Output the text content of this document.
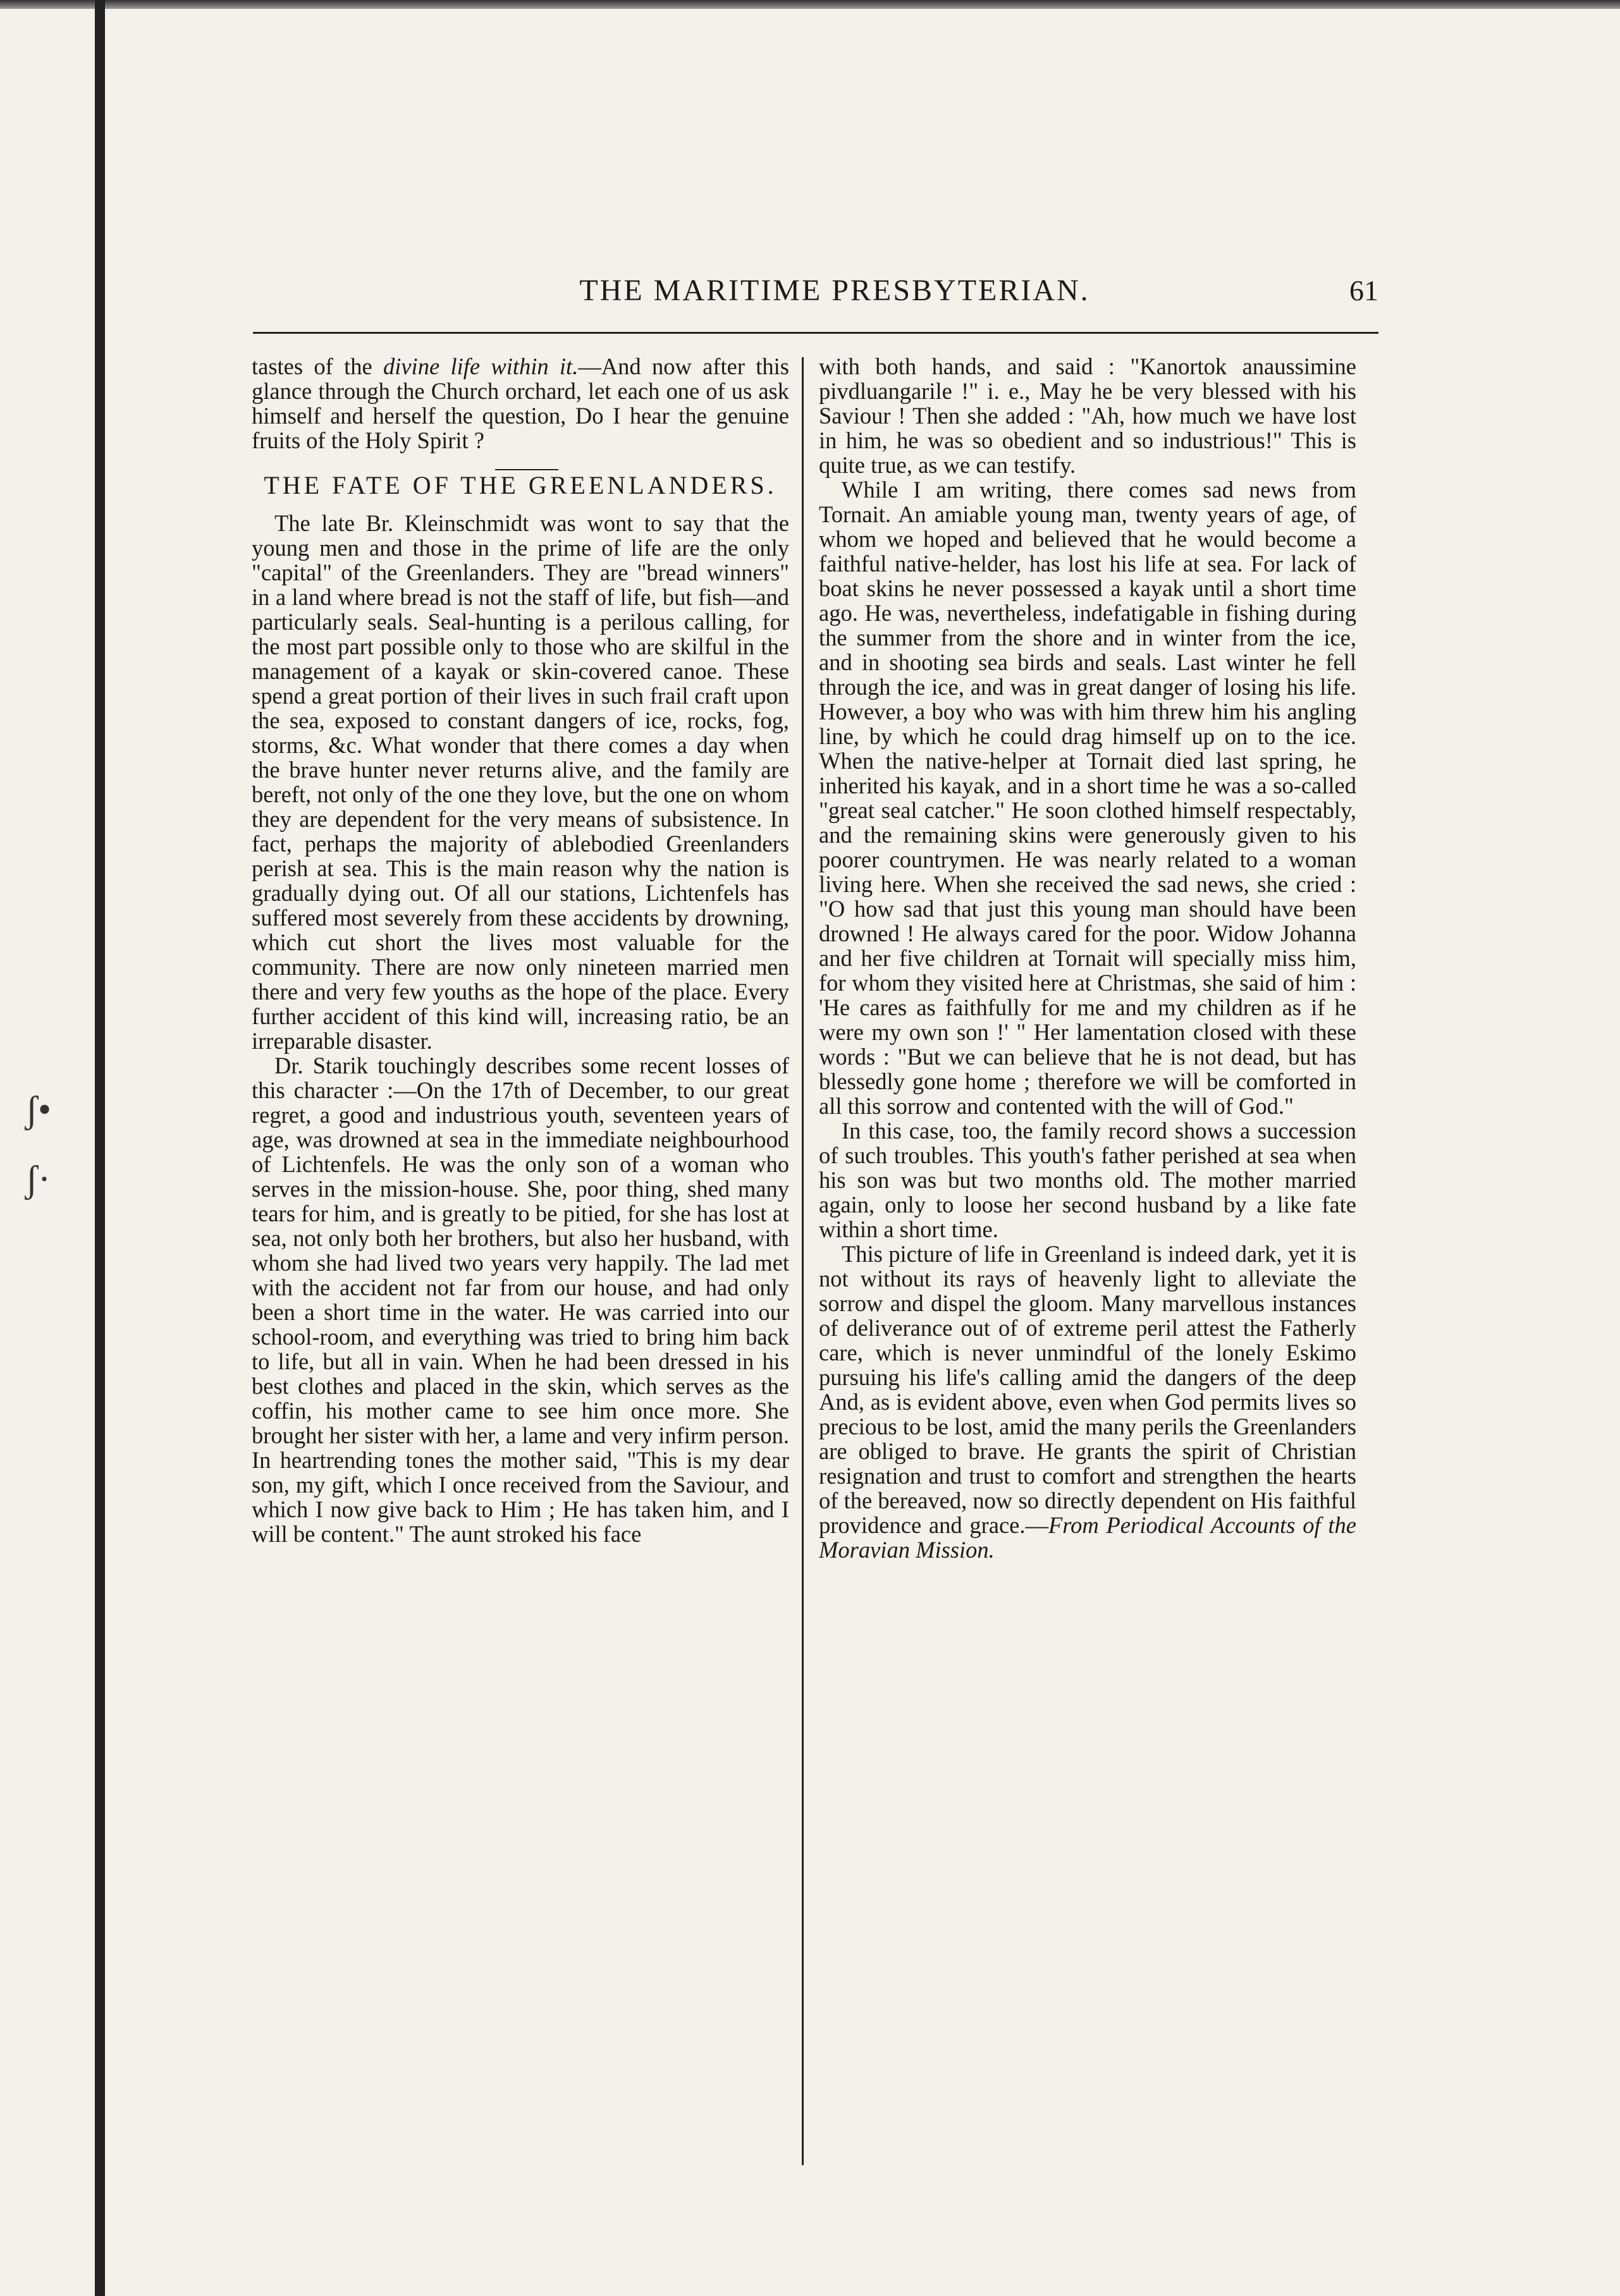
ʃ•
ʃ·
THE MARITIME PRESBYTERIAN.	61

tastes of the divine life within it.—And now after this glance through the Church orchard, let each one of us ask himself and herself the question, Do I hear the genuine fruits of the Holy Spirit ?

THE FATE OF THE GREENLANDERS.

The late Br. Kleinschmidt was wont to say that the young men and those in the prime of life are the only "capital" of the Greenlanders. They are "bread winners" in a land where bread is not the staff of life, but fish—and particularly seals. Seal-hunting is a perilous calling, for the most part possible only to those who are skilful in the management of a kayak or skin-covered canoe. These spend a great portion of their lives in such frail craft upon the sea, exposed to constant dangers of ice, rocks, fog, storms, &c. What wonder that there comes a day when the brave hunter never returns alive, and the family are bereft, not only of the one they love, but the one on whom they are dependent for the very means of subsistence. In fact, perhaps the majority of ablebodied Greenlanders perish at sea. This is the main reason why the nation is gradually dying out. Of all our stations, Lichtenfels has suffered most severely from these accidents by drowning, which cut short the lives most valuable for the community. There are now only nineteen married men there and very few youths as the hope of the place. Every further accident of this kind will, increasing ratio, be an irreparable disaster.

Dr. Starik touchingly describes some recent losses of this character :—On the 17th of December, to our great regret, a good and industrious youth, seventeen years of age, was drowned at sea in the immediate neighbourhood of Lichtenfels. He was the only son of a woman who serves in the mission-house. She, poor thing, shed many tears for him, and is greatly to be pitied, for she has lost at sea, not only both her brothers, but also her husband, with whom she had lived two years very happily. The lad met with the accident not far from our house, and had only been a short time in the water. He was carried into our school-room, and everything was tried to bring him back to life, but all in vain. When he had been dressed in his best clothes and placed in the skin, which serves as the coffin, his mother came to see him once more. She brought her sister with her, a lame and very infirm person. In heartrending tones the mother said, "This is my dear son, my gift, which I once received from the Saviour, and which I now give back to Him ; He has taken him, and I will be content." The aunt stroked his face

with both hands, and said : "Kanortok anaussimine pivdluangarile !" i. e., May he be very blessed with his Saviour ! Then she added : "Ah, how much we have lost in him, he was so obedient and so industrious!" This is quite true, as we can testify.

While I am writing, there comes sad news from Tornait. An amiable young man, twenty years of age, of whom we hoped and believed that he would become a faithful native-helder, has lost his life at sea. For lack of boat skins he never possessed a kayak until a short time ago. He was, nevertheless, indefatigable in fishing during the summer from the shore and in winter from the ice, and in shooting sea birds and seals. Last winter he fell through the ice, and was in great danger of losing his life. However, a boy who was with him threw him his angling line, by which he could drag himself up on to the ice. When the native-helper at Tornait died last spring, he inherited his kayak, and in a short time he was a so-called "great seal catcher." He soon clothed himself respectably, and the remaining skins were generously given to his poorer countrymen. He was nearly related to a woman living here. When she received the sad news, she cried : "O how sad that just this young man should have been drowned ! He always cared for the poor. Widow Johanna and her five children at Tornait will specially miss him, for whom they visited here at Christmas, she said of him : 'He cares as faithfully for me and my children as if he were my own son !' " Her lamentation closed with these words : "But we can believe that he is not dead, but has blessedly gone home ; therefore we will be comforted in all this sorrow and contented with the will of God."

In this case, too, the family record shows a succession of such troubles. This youth's father perished at sea when his son was but two months old. The mother married again, only to loose her second husband by a like fate within a short time.

This picture of life in Greenland is indeed dark, yet it is not without its rays of heavenly light to alleviate the sorrow and dispel the gloom. Many marvellous instances of deliverance out of of extreme peril attest the Fatherly care, which is never unmindful of the lonely Eskimo pursuing his life's calling amid the dangers of the deep And, as is evident above, even when God permits lives so precious to be lost, amid the many perils the Greenlanders are obliged to brave. He grants the spirit of Christian resignation and trust to comfort and strengthen the hearts of the bereaved, now so directly dependent on His faithful providence and grace.—From Periodical Accounts of the Moravian Mission.
